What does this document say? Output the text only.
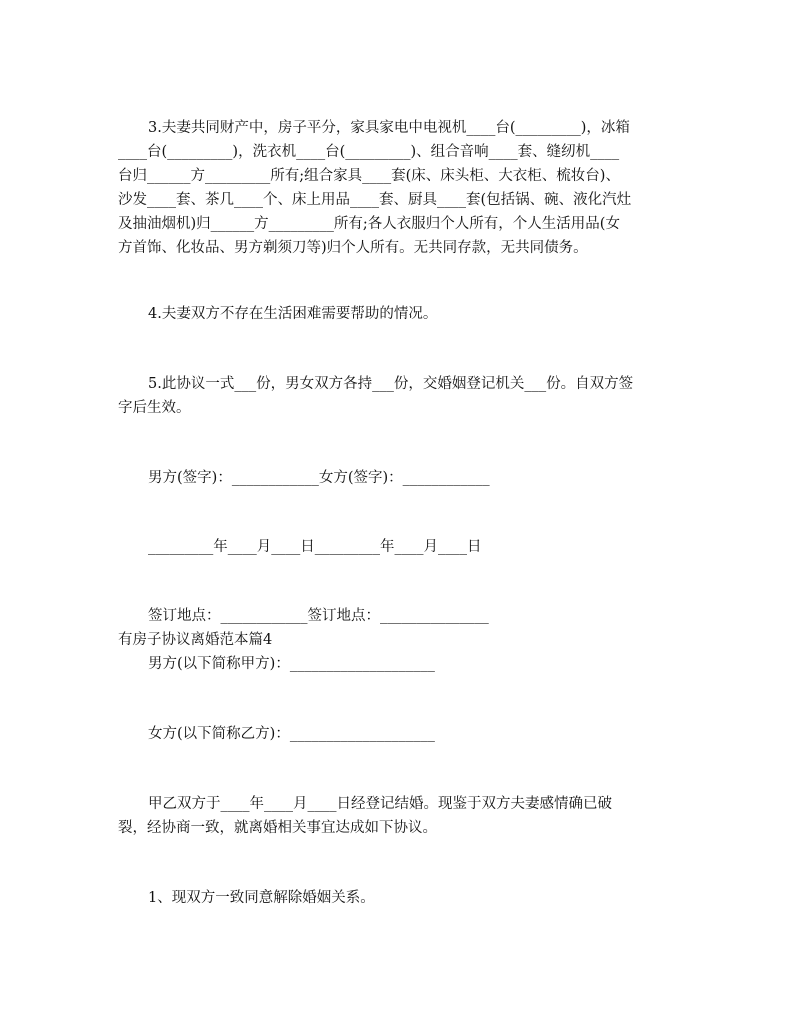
3.夫妻共同财产中，房子平分，家具家电中电视机____台(_________)，冰箱
____台(_________)，洗衣机____台(_________)、组合音响____套、缝纫机____
台归______方_________所有;组合家具____套(床、床头柜、大衣柜、梳妆台)、
沙发____套、茶几____个、床上用品____套、厨具____套(包括锅、碗、液化汽灶
及抽油烟机)归______方_________所有;各人衣服归个人所有，个人生活用品(女
方首饰、化妆品、男方剃须刀等)归个人所有。无共同存款，无共同债务。
4.夫妻双方不存在生活困难需要帮助的情况。
5.此协议一式___份，男女双方各持___份，交婚姻登记机关___份。自双方签
字后生效。
男方(签字)：____________女方(签字)：____________
_________年____月____日_________年____月____日
签订地点：____________签订地点：_______________
有房子协议离婚范本篇4
男方(以下简称甲方)：____________________
女方(以下简称乙方)：____________________
甲乙双方于____年____月____日经登记结婚。现鉴于双方夫妻感情确已破
裂，经协商一致，就离婚相关事宜达成如下协议。
1、现双方一致同意解除婚姻关系。
